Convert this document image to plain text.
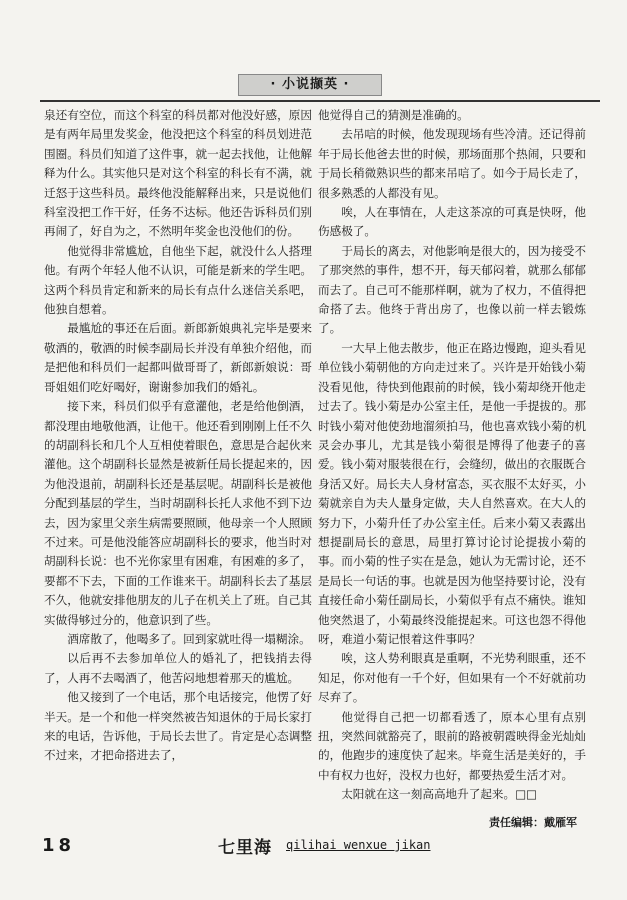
· 小说撷英 ·

泉还有空位，而这个科室的科员都对他没好感，原因是有两年局里发奖金，他没把这个科室的科员划进范围圈。科员们知道了这件事，就一起去找他，让他解释为什么。其实他只是对这个科室的科长有不满，就迁怒于这些科员。最终他没能解释出来，只是说他们科室没把工作干好，任务不达标。他还告诉科员们别再闹了，好自为之，不然明年奖金也没他们的份。

他觉得非常尴尬，自他坐下起，就没什么人搭理他。有两个年轻人他不认识，可能是新来的学生吧。这两个科员肯定和新来的局长有点什么迷信关系吧，他独自想着。

最尴尬的事还在后面。新郎新娘典礼完毕是要来敬酒的，敬酒的时候李副局长并没有单独介绍他，而是把他和科员们一起都叫做哥哥了，新郎新娘说：哥哥姐姐们吃好喝好，谢谢参加我们的婚礼。

接下来，科员们似乎有意灌他，老是给他倒酒，都没理由地敬他酒，让他干。他还看到刚刚上任不久的胡副科长和几个人互相使着眼色，意思是合起伙来灌他。这个胡副科长显然是被新任局长提起来的，因为他没退前，胡副科长还是基层呢。胡副科长是被他分配到基层的学生，当时胡副科长托人求他不到下边去，因为家里父亲生病需要照顾，他母亲一个人照顾不过来。可是他没能答应胡副科长的要求，他当时对胡副科长说：也不光你家里有困难，有困难的多了，要都不下去，下面的工作谁来干。胡副科长去了基层不久，他就安排他朋友的儿子在机关上了班。自己其实做得够过分的，他意识到了些。

酒席散了，他喝多了。回到家就吐得一塌糊涂。

以后再不去参加单位人的婚礼了，把钱捎去得了，人再不去喝酒了，他苦闷地想着那天的尴尬。

他又接到了一个电话，那个电话接完，他愣了好半天。是一个和他一样突然被告知退休的于局长家打来的电话，告诉他，于局长去世了。肯定是心态调整不过来，才把命搭进去了，

他觉得自己的猜测是准确的。

去吊唁的时候，他发现现场有些冷清。还记得前年于局长他爸去世的时候，那场面那个热闹，只要和于局长稍微熟识些的都来吊唁了。如今于局长走了，很多熟悉的人都没有见。

唉，人在事情在，人走这茶凉的可真是快呀，他伤感极了。

于局长的离去，对他影响是很大的，因为接受不了那突然的事件，想不开，每天郁闷着，就那么郁郁而去了。自己可不能那样啊，就为了权力，不值得把命搭了去。他终于背出房了，也像以前一样去锻炼了。

一大早上他去散步，他正在路边慢跑，迎头看见单位钱小菊朝他的方向走过来了。兴许是开始钱小菊没看见他，待快到他跟前的时候，钱小菊却绕开他走过去了。钱小菊是办公室主任，是他一手提拔的。那时钱小菊对他使劲地溜须拍马，他也喜欢钱小菊的机灵会办事儿，尤其是钱小菊很是博得了他妻子的喜爱。钱小菊对服装很在行，会缝纫，做出的衣服既合身活又好。局长夫人身材富态，买衣服不太好买，小菊就亲自为夫人量身定做，夫人自然喜欢。在大人的努力下，小菊升任了办公室主任。后来小菊又表露出想提副局长的意思，局里打算讨论讨论提拔小菊的事。而小菊的性子实在是急，她认为无需讨论，还不是局长一句话的事。也就是因为他坚持要讨论，没有直接任命小菊任副局长，小菊似乎有点不痛快。谁知他突然退了，小菊最终没能提起来。可这也怨不得他呀，难道小菊记恨着这件事吗？

唉，这人势利眼真是重啊，不光势利眼重，还不知足，你对他有一千个好，但如果有一个不好就前功尽弃了。

他觉得自己把一切都看透了，原本心里有点别扭，突然间就豁亮了，眼前的路被朝霞映得金光灿灿的，他跑步的速度快了起来。毕竟生活是美好的，手中有权力也好，没权力也好，都要热爱生活才对。

太阳就在这一刻高高地升了起来。□□

责任编辑：戴雁军
18	七里海 qilihai wenxue jikan
